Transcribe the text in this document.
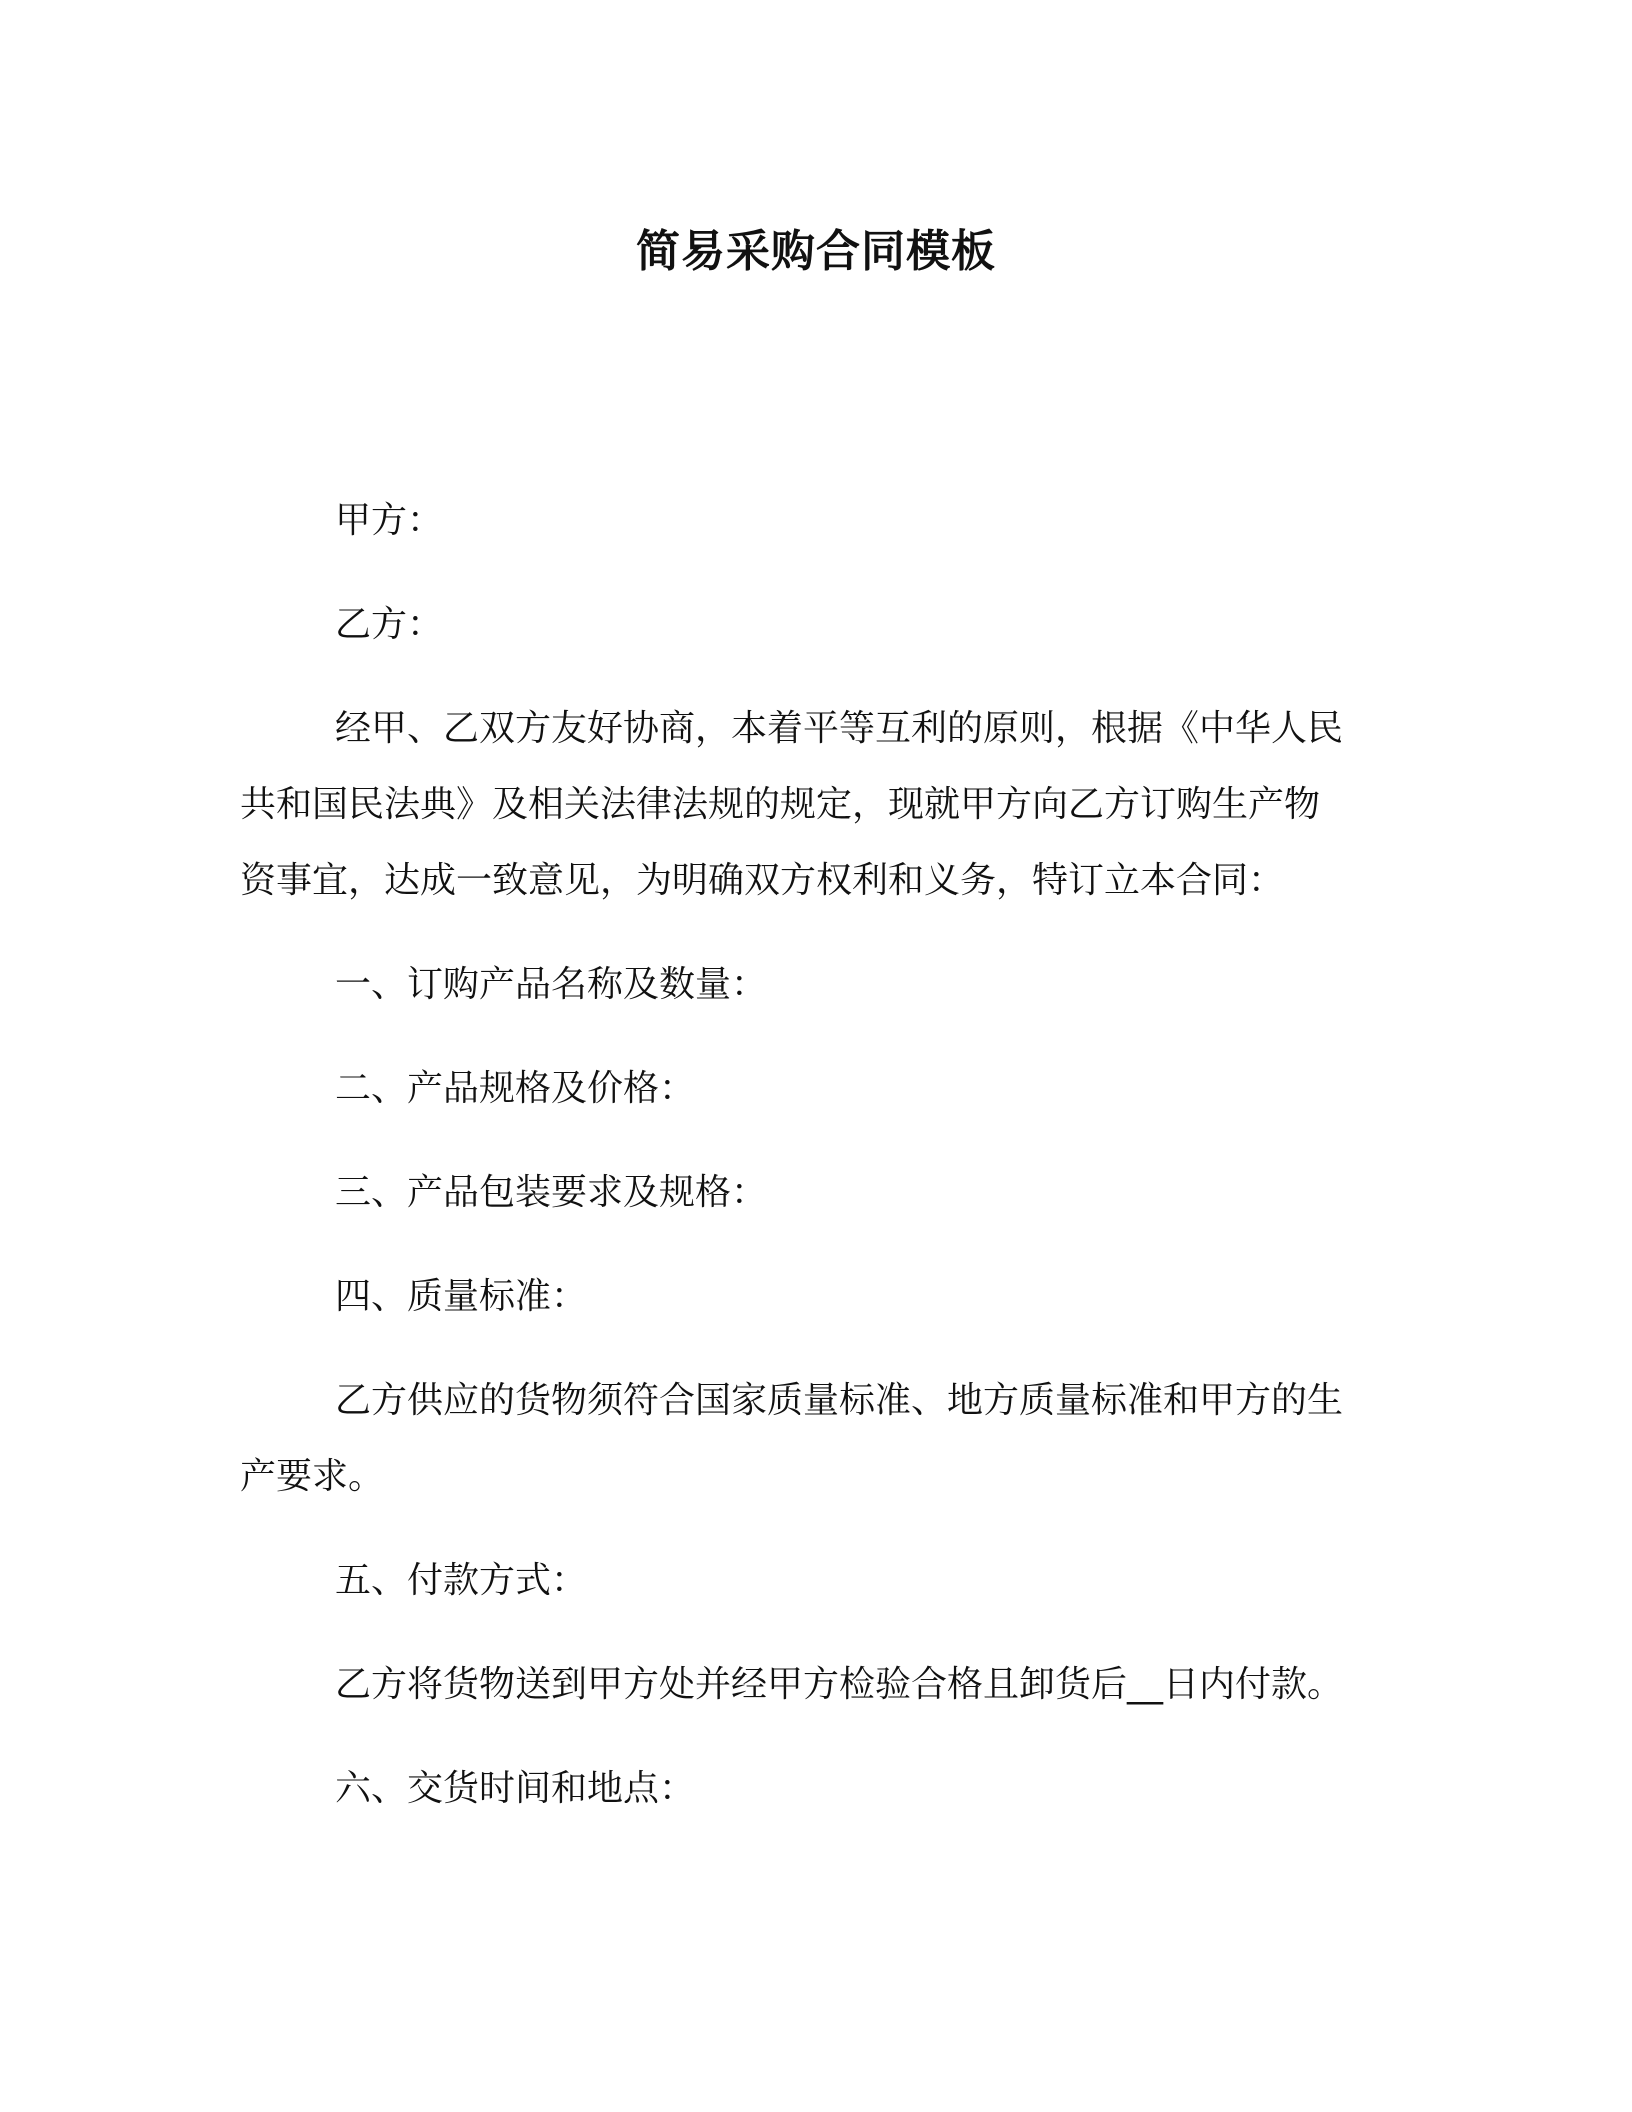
简易采购合同模板

甲方：

乙方：

经甲、乙双方友好协商，本着平等互利的原则，根据《中华人民

共和国民法典》及相关法律法规的规定，现就甲方向乙方订购生产物

资事宜，达成一致意见，为明确双方权利和义务，特订立本合同：

一、订购产品名称及数量：

二、产品规格及价格：

三、产品包装要求及规格：

四、质量标准：

乙方供应的货物须符合国家质量标准、地方质量标准和甲方的生

产要求。

五、付款方式：

乙方将货物送到甲方处并经甲方检验合格且卸货后__日内付款。

六、交货时间和地点：
